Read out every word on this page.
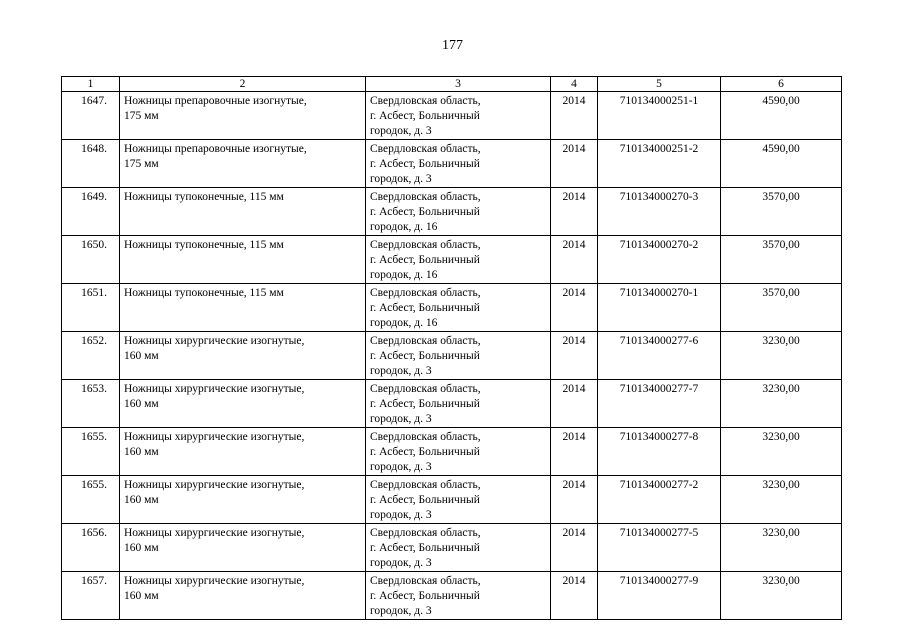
177
1	2	3	4	5	6
1647.	Ножницы препаровочные изогнутые,
175 мм	Свердловская область,
г. Асбест, Больничный
городок, д. 3	2014	710134000251-1	4590,00
1648.	Ножницы препаровочные изогнутые,
175 мм	Свердловская область,
г. Асбест, Больничный
городок, д. 3	2014	710134000251-2	4590,00
1649.	Ножницы тупоконечные, 115 мм	Свердловская область,
г. Асбест, Больничный
городок, д. 16	2014	710134000270-3	3570,00
1650.	Ножницы тупоконечные, 115 мм	Свердловская область,
г. Асбест, Больничный
городок, д. 16	2014	710134000270-2	3570,00
1651.	Ножницы тупоконечные, 115 мм	Свердловская область,
г. Асбест, Больничный
городок, д. 16	2014	710134000270-1	3570,00
1652.	Ножницы хирургические изогнутые,
160 мм	Свердловская область,
г. Асбест, Больничный
городок, д. 3	2014	710134000277-6	3230,00
1653.	Ножницы хирургические изогнутые,
160 мм	Свердловская область,
г. Асбест, Больничный
городок, д. 3	2014	710134000277-7	3230,00
1655.	Ножницы хирургические изогнутые,
160 мм	Свердловская область,
г. Асбест, Больничный
городок, д. 3	2014	710134000277-8	3230,00
1655.	Ножницы хирургические изогнутые,
160 мм	Свердловская область,
г. Асбест, Больничный
городок, д. 3	2014	710134000277-2	3230,00
1656.	Ножницы хирургические изогнутые,
160 мм	Свердловская область,
г. Асбест, Больничный
городок, д. 3	2014	710134000277-5	3230,00
1657.	Ножницы хирургические изогнутые,
160 мм	Свердловская область,
г. Асбест, Больничный
городок, д. 3	2014	710134000277-9	3230,00
